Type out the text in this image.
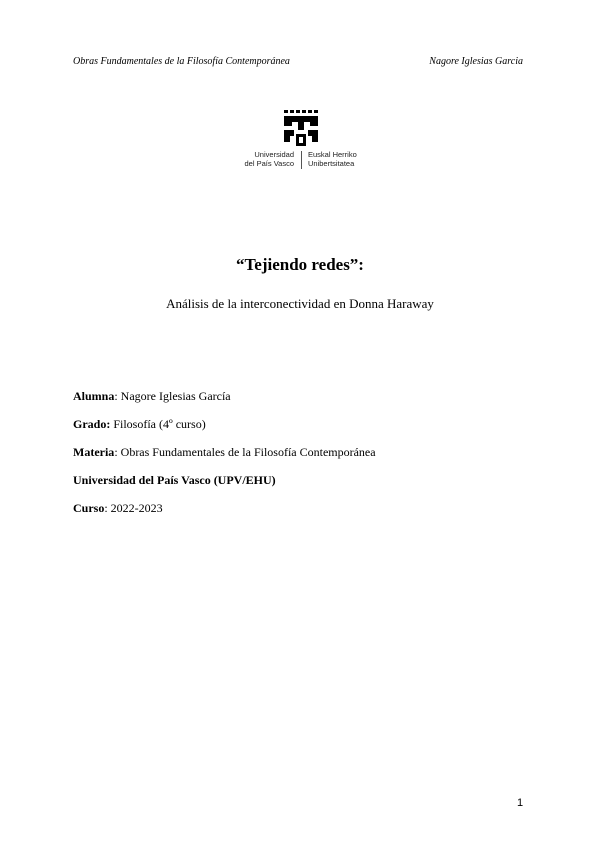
Obras Fundamentales de la Filosofía Contemporánea	Nagore Iglesias Garcia
Universidad
del País Vasco
Euskal Herriko
Unibertsitatea
“Tejiendo redes”:
Análisis de la interconectividad en Donna Haraway
Alumna: Nagore Iglesias García
Grado: Filosofía (4º curso)
Materia: Obras Fundamentales de la Filosofía Contemporánea
Universidad del País Vasco (UPV/EHU)
Curso: 2022-2023
1
